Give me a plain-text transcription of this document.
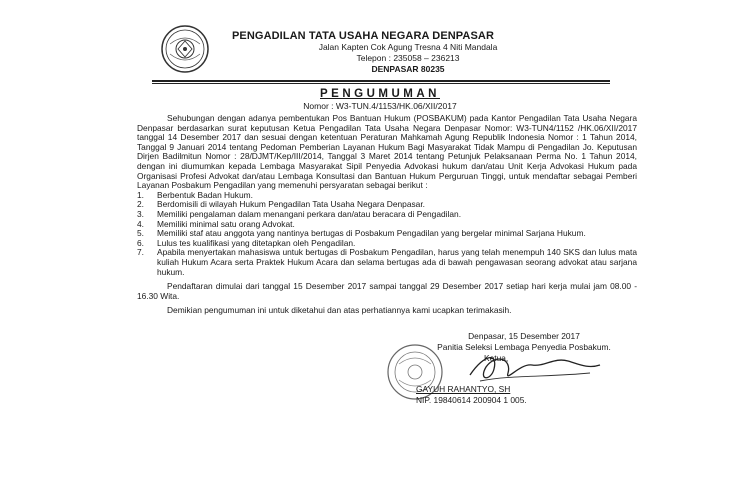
PENGADILAN TATA USAHA NEGARA DENPASAR
Jalan Kapten Cok Agung Tresna 4 Niti Mandala
Telepon : 235058 – 236213
DENPASAR 80235
PENGUMUMAN
Nomor : W3-TUN.4/1153/HK.06/XII/2017

Sehubungan dengan adanya pembentukan Pos Bantuan Hukum (POSBAKUM) pada Kantor Pengadilan Tata Usaha Negara Denpasar berdasarkan surat keputusan Ketua Pengadilan Tata Usaha Negara Denpasar Nomor: W3-TUN4/1152 /HK.06/XII/2017 tanggal 14 Desember 2017 dan sesuai dengan ketentuan Peraturan Mahkamah Agung Republik Indonesia Nomor : 1 Tahun 2014, Tanggal 9 Januari 2014 tentang Pedoman Pemberian Layanan Hukum Bagi Masyarakat Tidak Mampu di Pengadilan Jo. Keputusan Dirjen Badilmitun Nomor : 28/DJMT/Kep/III/2014, Tanggal 3 Maret 2014 tentang Petunjuk Pelaksanaan Perma No. 1 Tahun 2014, dengan ini diumumkan kepada Lembaga Masyarakat Sipil Penyedia Advokasi hukum dan/atau Unit Kerja Advokasi Hukum pada Organisasi Profesi Advokat dan/atau Lembaga Konsultasi dan Bantuan Hukum Perguruan Tinggi, untuk mendaftar sebagai Pemberi Layanan Posbakum Pengadilan yang memenuhi persyaratan sebagai berikut :

1. Berbentuk Badan Hukum.
2. Berdomisili di wilayah Hukum Pengadilan Tata Usaha Negara Denpasar.
3. Memiliki pengalaman dalam menangani perkara dan/atau beracara di Pengadilan.
4. Memiliki minimal satu orang Advokat.
5. Memiliki staf atau anggota yang nantinya bertugas di Posbakum Pengadilan yang bergelar minimal Sarjana Hukum.
6. Lulus tes kualifikasi yang ditetapkan oleh Pengadilan.
7. Apabila menyertakan mahasiswa untuk bertugas di Posbakum Pengadilan, harus yang telah menempuh 140 SKS dan lulus mata kuliah Hukum Acara serta Praktek Hukum Acara dan selama bertugas ada di bawah pengawasan seorang advokat atau sarjana hukum.

Pendaftaran dimulai dari tanggal 15 Desember 2017 sampai tanggal 29 Desember 2017 setiap hari kerja mulai jam 08.00 - 16.30 Wita.

Demikian pengumuman ini untuk diketahui dan atas perhatiannya kami ucapkan terimakasih.

Denpasar, 15 Desember 2017
Panitia Seleksi Lembaga Penyedia Posbakum.
Ketua,
GAYUH RAHANTYO, SH
NIP. 19840614 200904 1 005.
